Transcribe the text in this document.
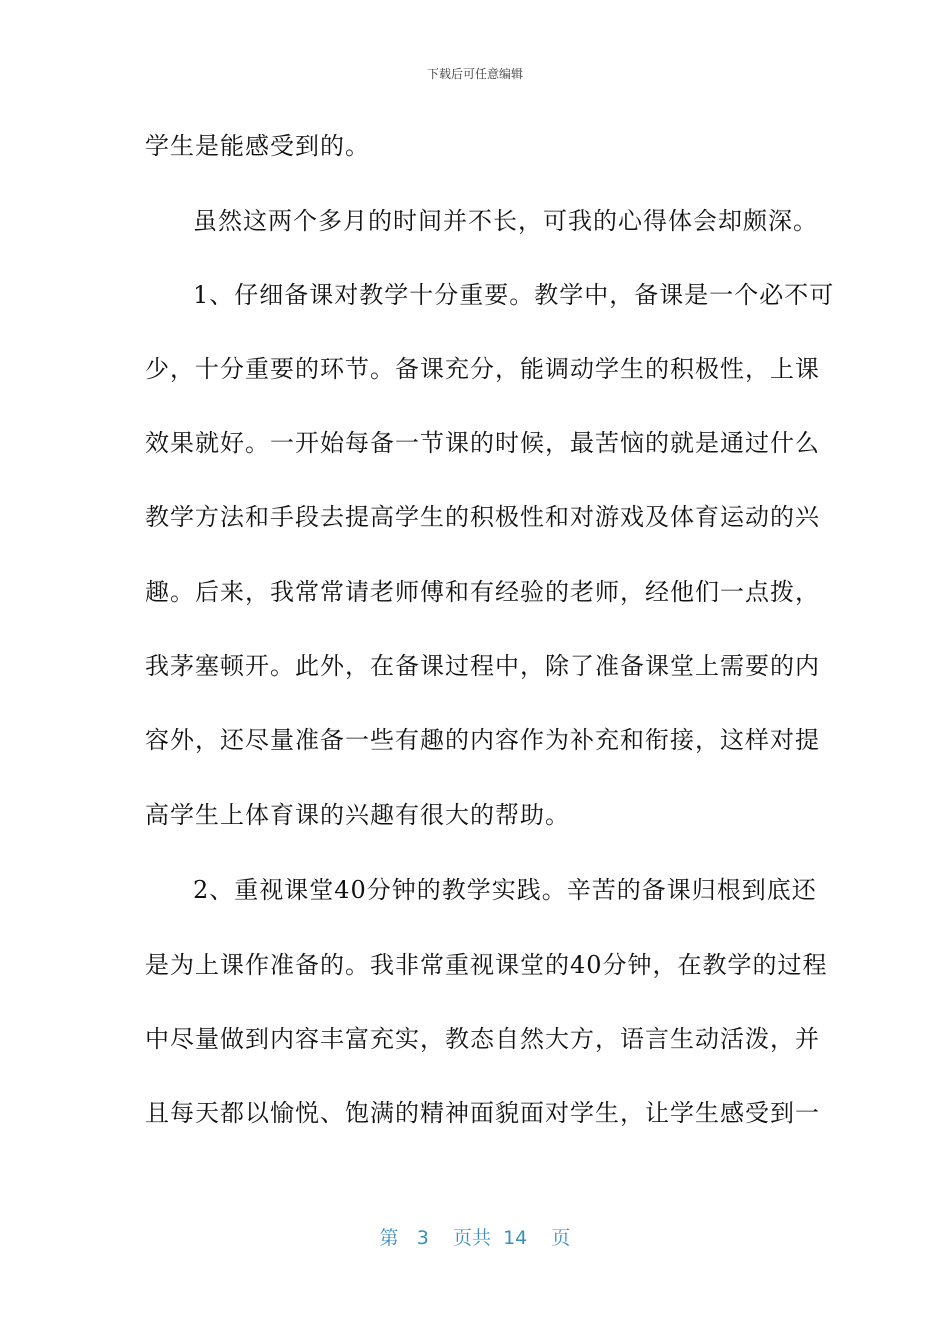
下载后可任意编辑
学生是能感受到的。
虽然这两个多月的时间并不长，可我的心得体会却颇深。
1、仔细备课对教学十分重要。教学中，备课是一个必不可
少，十分重要的环节。备课充分，能调动学生的积极性，上课
效果就好。一开始每备一节课的时候，最苦恼的就是通过什么
教学方法和手段去提高学生的积极性和对游戏及体育运动的兴
趣。后来，我常常请老师傅和有经验的老师，经他们一点拨，
我茅塞顿开。此外，在备课过程中，除了准备课堂上需要的内
容外，还尽量准备一些有趣的内容作为补充和衔接，这样对提
高学生上体育课的兴趣有很大的帮助。
2、重视课堂40分钟的教学实践。辛苦的备课归根到底还
是为上课作准备的。我非常重视课堂的40分钟，在教学的过程
中尽量做到内容丰富充实，教态自然大方，语言生动活泼，并
且每天都以愉悦、饱满的精神面貌面对学生，让学生感受到一
第 3 页共 14 页
